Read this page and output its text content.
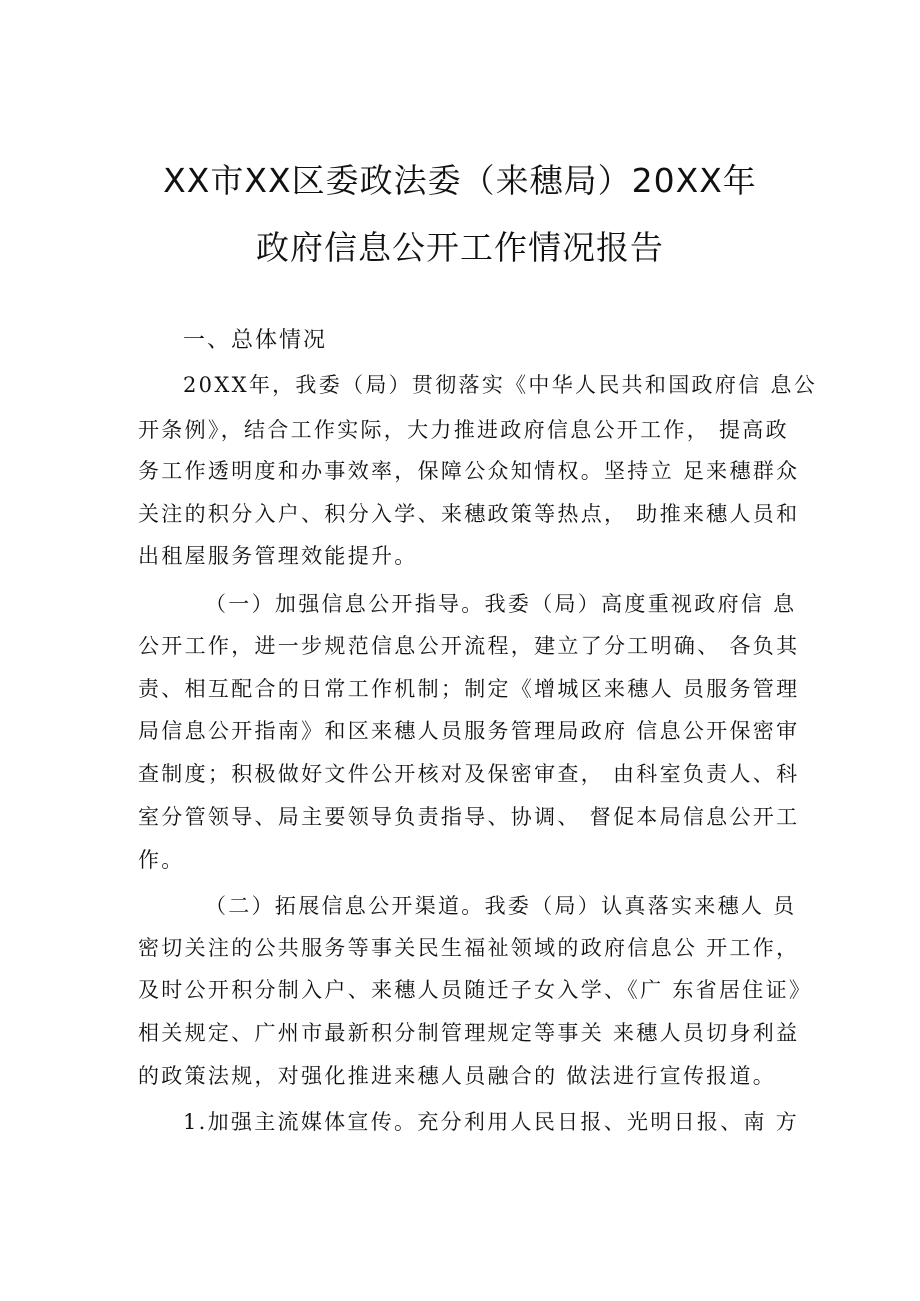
XX市XX区委政法委（来穗局）20XX年
政府信息公开工作情况报告
一、总体情况
20XX年，我委（局）贯彻落实《中华人民共和国政府信 息公
开条例》，结合工作实际，大力推进政府信息公开工作， 提高政
务工作透明度和办事效率，保障公众知情权。坚持立 足来穗群众
关注的积分入户、积分入学、来穗政策等热点， 助推来穗人员和
出租屋服务管理效能提升。
（一）加强信息公开指导。我委（局）高度重视政府信 息
公开工作，进一步规范信息公开流程，建立了分工明确、 各负其
责、相互配合的日常工作机制；制定《增城区来穗人 员服务管理
局信息公开指南》和区来穗人员服务管理局政府 信息公开保密审
查制度；积极做好文件公开核对及保密审查， 由科室负责人、科
室分管领导、局主要领导负责指导、协调、 督促本局信息公开工
作。
（二）拓展信息公开渠道。我委（局）认真落实来穗人 员
密切关注的公共服务等事关民生福祉领域的政府信息公 开工作，
及时公开积分制入户、来穗人员随迁子女入学、《广 东省居住证》
相关规定、广州市最新积分制管理规定等事关 来穗人员切身利益
的政策法规，对强化推进来穗人员融合的 做法进行宣传报道。
1.加强主流媒体宣传。充分利用人民日报、光明日报、南 方
